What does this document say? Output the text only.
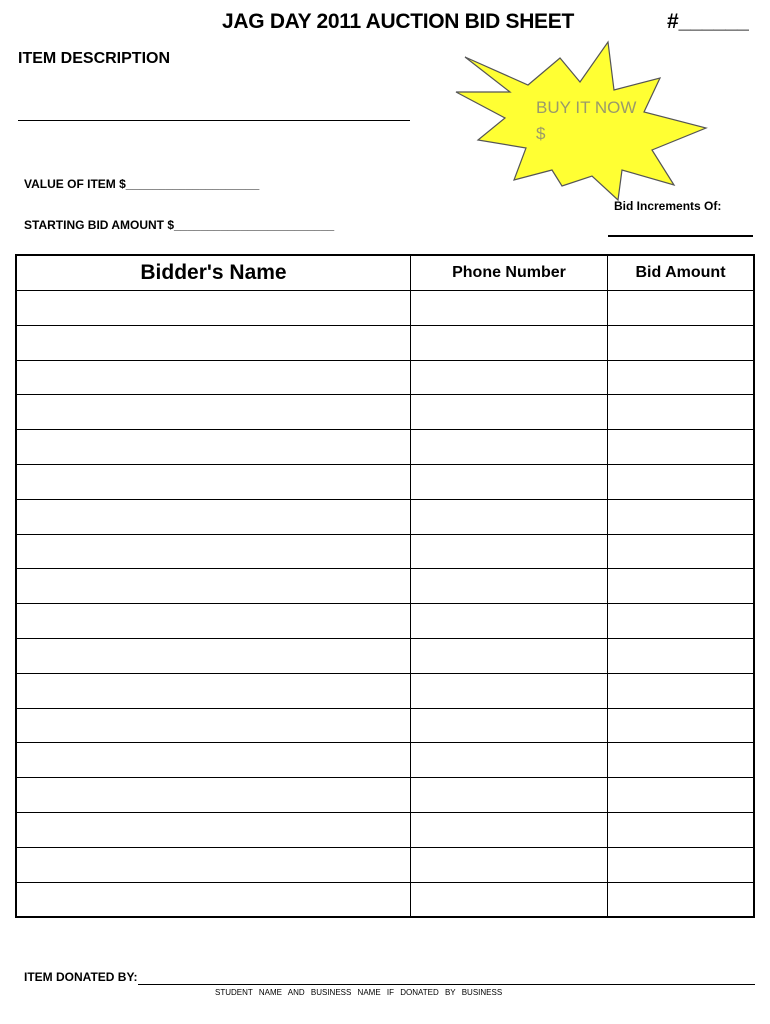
JAG DAY 2011 AUCTION BID SHEET	#______
ITEM DESCRIPTION
BUY IT NOW
$
VALUE OF ITEM $____________________
STARTING BID AMOUNT $________________________
Bid Increments Of:
Bidder's Name	Phone Number	Bid Amount

ITEM DONATED BY:
STUDENT NAME AND BUSINESS NAME IF DONATED BY BUSINESS
